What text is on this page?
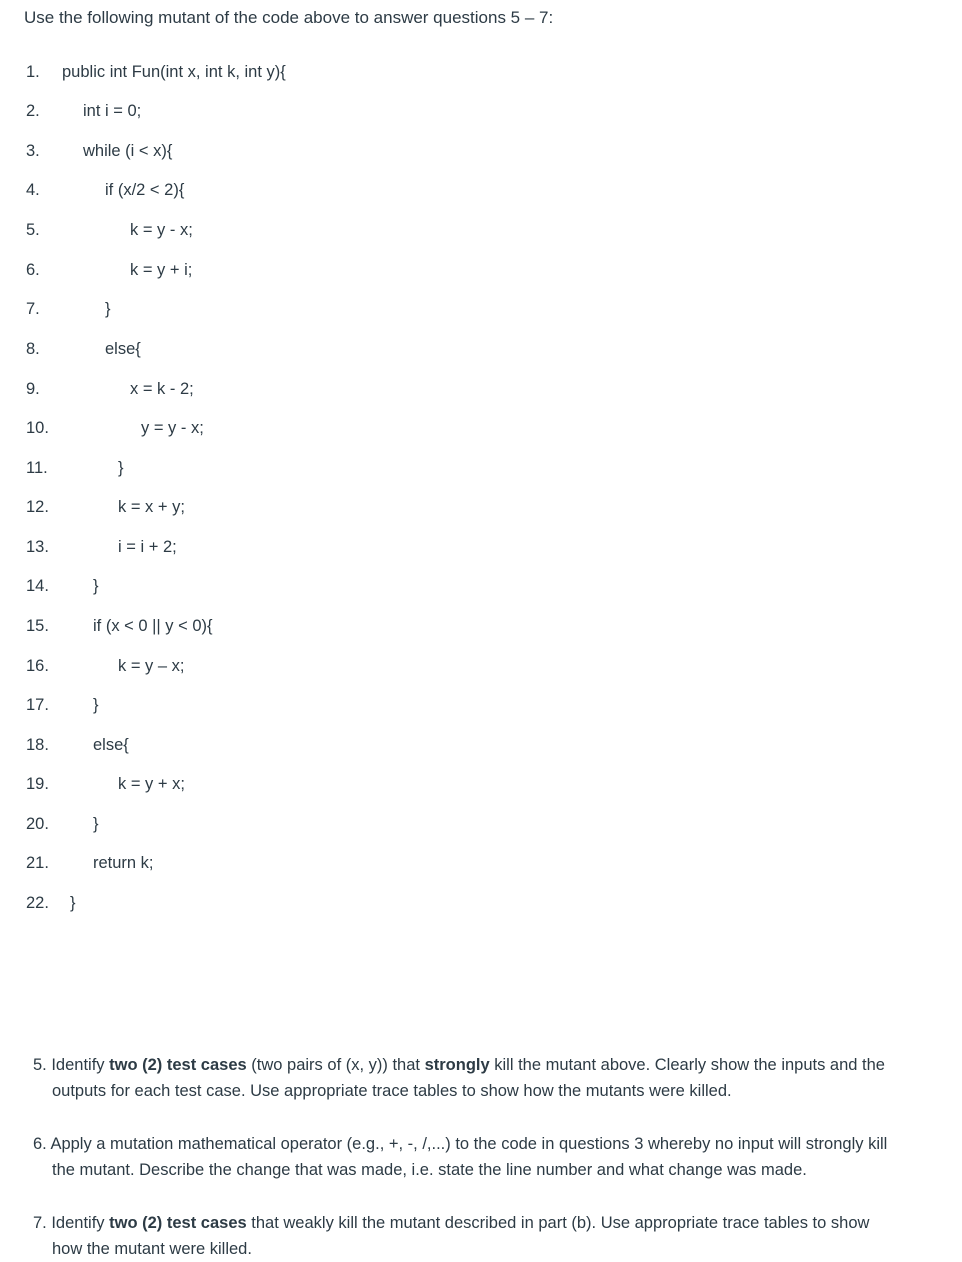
Use the following mutant of the code above to answer questions 5 – 7:
1. public int Fun(int x, int k, int y){
2.	int i = 0;
3.	while (i < x){
4.	if (x/2 < 2){
5.	k = y - x;
6.	k = y + i;
7.	}
8.	else{
9.	x = k - 2;
10.	y = y - x;
11.	}
12.	k = x + y;
13.	i = i + 2;
14.	}
15.	if (x < 0 || y < 0){
16.	k = y – x;
17.	}
18.	else{
19.	k = y + x;
20.	}
21.	return k;
22. }
5. Identify two (2) test cases (two pairs of (x, y)) that strongly kill the mutant above. Clearly show the inputs and the
outputs for each test case. Use appropriate trace tables to show how the mutants were killed.
6. Apply a mutation mathematical operator (e.g., +, -, /,...) to the code in questions 3 whereby no input will strongly kill
the mutant. Describe the change that was made, i.e. state the line number and what change was made.
7. Identify two (2) test cases that weakly kill the mutant described in part (b). Use appropriate trace tables to show
how the mutant were killed.
